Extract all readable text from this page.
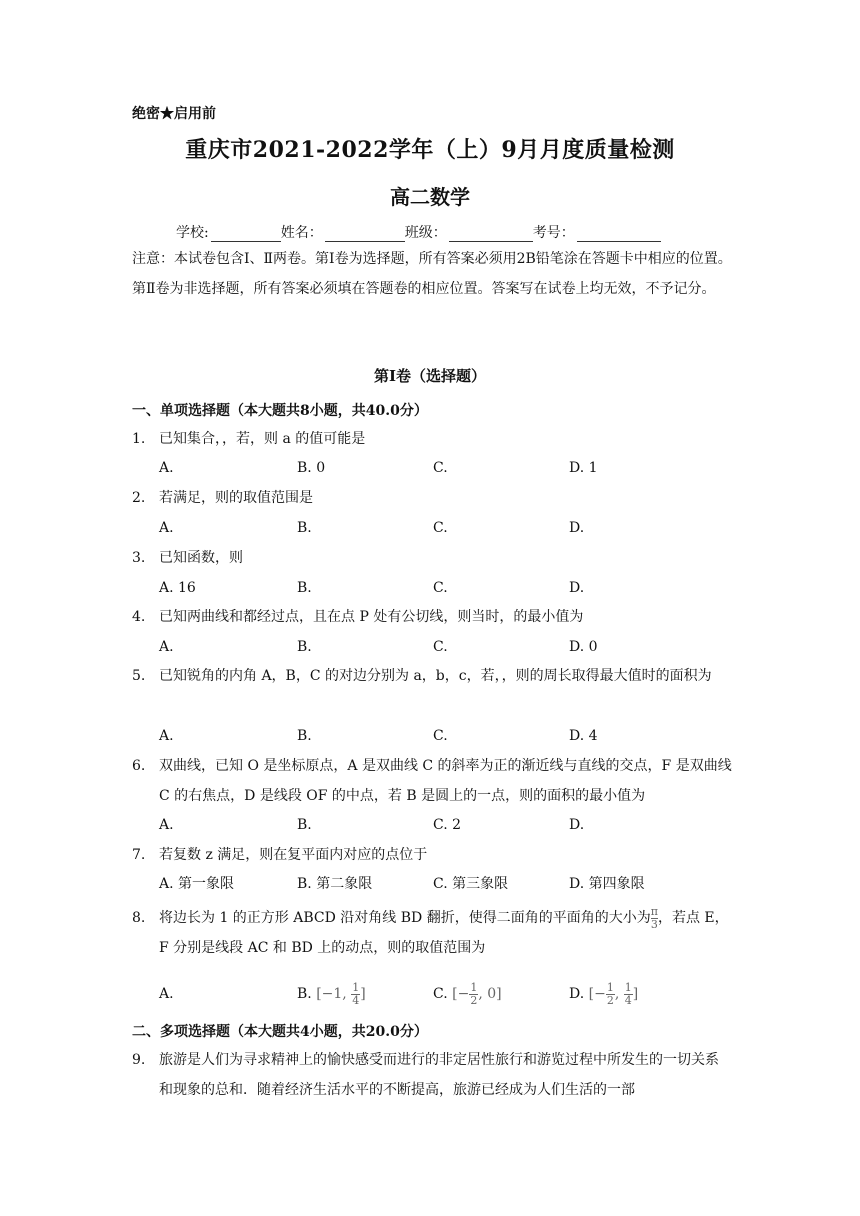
绝密★启用前
重庆市2021-2022学年（上）9月月度质量检测
高二数学
学校:	姓名：	班级：	考号：
注意：本试卷包含Ⅰ、Ⅱ两卷。第Ⅰ卷为选择题，所有答案必须用2B铅笔涂在答题卡中相应的位置。第Ⅱ卷为非选择题，所有答案必须填在答题卷的相应位置。答案写在试卷上均无效，不予记分。
第Ⅰ卷（选择题）
一、单项选择题（本大题共8小题，共40.0分）
1. 已知集合，，若，则 a 的值可能是
A.	B. 0	C.	D. 1
2. 若满足，则的取值范围是
A.	B.	C.	D.
3. 已知函数，则
A. 16	B.	C.	D.
4. 已知两曲线和都经过点，且在点 P 处有公切线，则当时，的最小值为
A.	B.	C.	D. 0
5. 已知锐角的内角 A，B，C 的对边分别为 a，b，c，若，，则的周长取得最大值时的面积为
A.	B.	C.	D. 4
6. 双曲线，已知 O 是坐标原点，A 是双曲线 C 的斜率为正的渐近线与直线的交点，F 是双曲线 C 的右焦点，D 是线段 OF 的中点，若 B 是圆上的一点，则的面积的最小值为
A.	B.	C. 2	D.
7. 若复数 z 满足，则在复平面内对应的点位于
A. 第一象限	B. 第二象限	C. 第三象限	D. 第四象限
8. 将边长为 1 的正方形 ABCD 沿对角线 BD 翻折，使得二面角的平面角的大小为 $\frac{\pi}{3}$，若点 E，F 分别是线段 AC 和 BD 上的动点，则的取值范围为
A.	B. [−1, $\frac{1}{4}$ ]	C. [− $\frac{1}{2}$ , 0]	D. [− $\frac{1}{2}$ , $\frac{1}{4}$ ]
二、多项选择题（本大题共4小题，共20.0分）
9. 旅游是人们为寻求精神上的愉快感受而进行的非定居性旅行和游览过程中所发生的一切关系和现象的总和．随着经济生活水平的不断提高，旅游已经成为人们生活的一部
